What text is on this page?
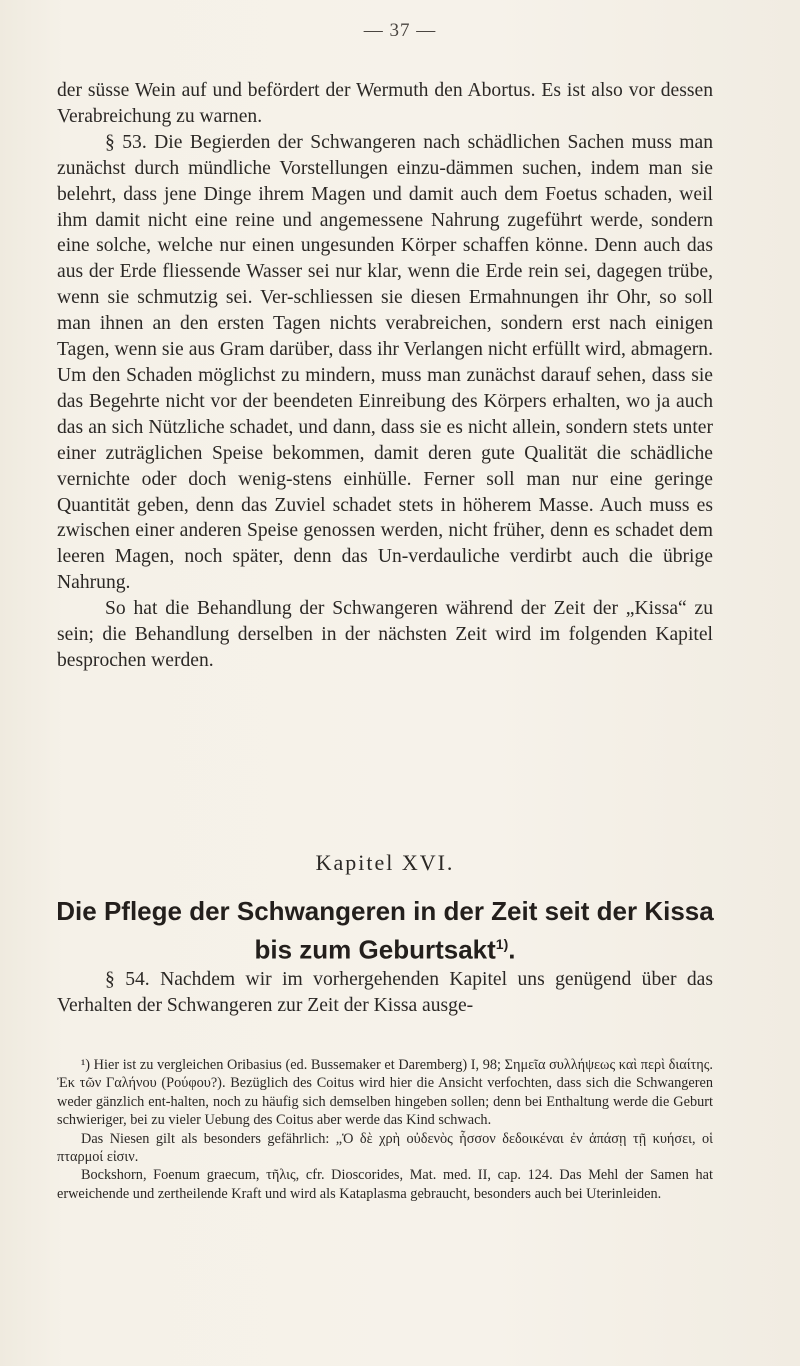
— 37 —

der süsse Wein auf und befördert der Wermuth den Abortus. Es ist also vor dessen Verabreichung zu warnen.

§ 53. Die Begierden der Schwangeren nach schädlichen Sachen muss man zunächst durch mündliche Vorstellungen einzu-dämmen suchen, indem man sie belehrt, dass jene Dinge ihrem Magen und damit auch dem Foetus schaden, weil ihm damit nicht eine reine und angemessene Nahrung zugeführt werde, sondern eine solche, welche nur einen ungesunden Körper schaffen könne. Denn auch das aus der Erde fliessende Wasser sei nur klar, wenn die Erde rein sei, dagegen trübe, wenn sie schmutzig sei. Ver-schliessen sie diesen Ermahnungen ihr Ohr, so soll man ihnen an den ersten Tagen nichts verabreichen, sondern erst nach einigen Tagen, wenn sie aus Gram darüber, dass ihr Verlangen nicht erfüllt wird, abmagern. Um den Schaden möglichst zu mindern, muss man zunächst darauf sehen, dass sie das Begehrte nicht vor der beendeten Einreibung des Körpers erhalten, wo ja auch das an sich Nützliche schadet, und dann, dass sie es nicht allein, sondern stets unter einer zuträglichen Speise bekommen, damit deren gute Qualität die schädliche vernichte oder doch wenig-stens einhülle. Ferner soll man nur eine geringe Quantität geben, denn das Zuviel schadet stets in höherem Masse. Auch muss es zwischen einer anderen Speise genossen werden, nicht früher, denn es schadet dem leeren Magen, noch später, denn das Un-verdauliche verdirbt auch die übrige Nahrung.

So hat die Behandlung der Schwangeren während der Zeit der „Kissa“ zu sein; die Behandlung derselben in der nächsten Zeit wird im folgenden Kapitel besprochen werden.

Kapitel XVI.
Die Pflege der Schwangeren in der Zeit seit der Kissa bis zum Geburtsakt$^{1)}$.

§ 54. Nachdem wir im vorhergehenden Kapitel uns genügend über das Verhalten der Schwangeren zur Zeit der Kissa ausge-

¹) Hier ist zu vergleichen Oribasius (ed. Bussemaker et Daremberg) I, 98; Σημεῖα συλλήψεως καὶ περὶ διαίτης. Ἐκ τῶν Γαλήνου (Ρούφου?). Bezüglich des Coitus wird hier die Ansicht verfochten, dass sich die Schwangeren weder gänzlich ent-halten, noch zu häufig sich demselben hingeben sollen; denn bei Enthaltung werde die Geburt schwieriger, bei zu vieler Uebung des Coitus aber werde das Kind schwach.

Das Niesen gilt als besonders gefährlich: „Ὁ δὲ χρὴ οὐδενὸς ἧσσον δεδοικέναι ἐν ἁπάσῃ τῇ κυήσει, οἱ πταρμοί εἰσιν.

Bockshorn, Foenum graecum, τῆλις, cfr. Dioscorides, Mat. med. II, cap. 124. Das Mehl der Samen hat erweichende und zertheilende Kraft und wird als Kataplasma gebraucht, besonders auch bei Uterinleiden.
